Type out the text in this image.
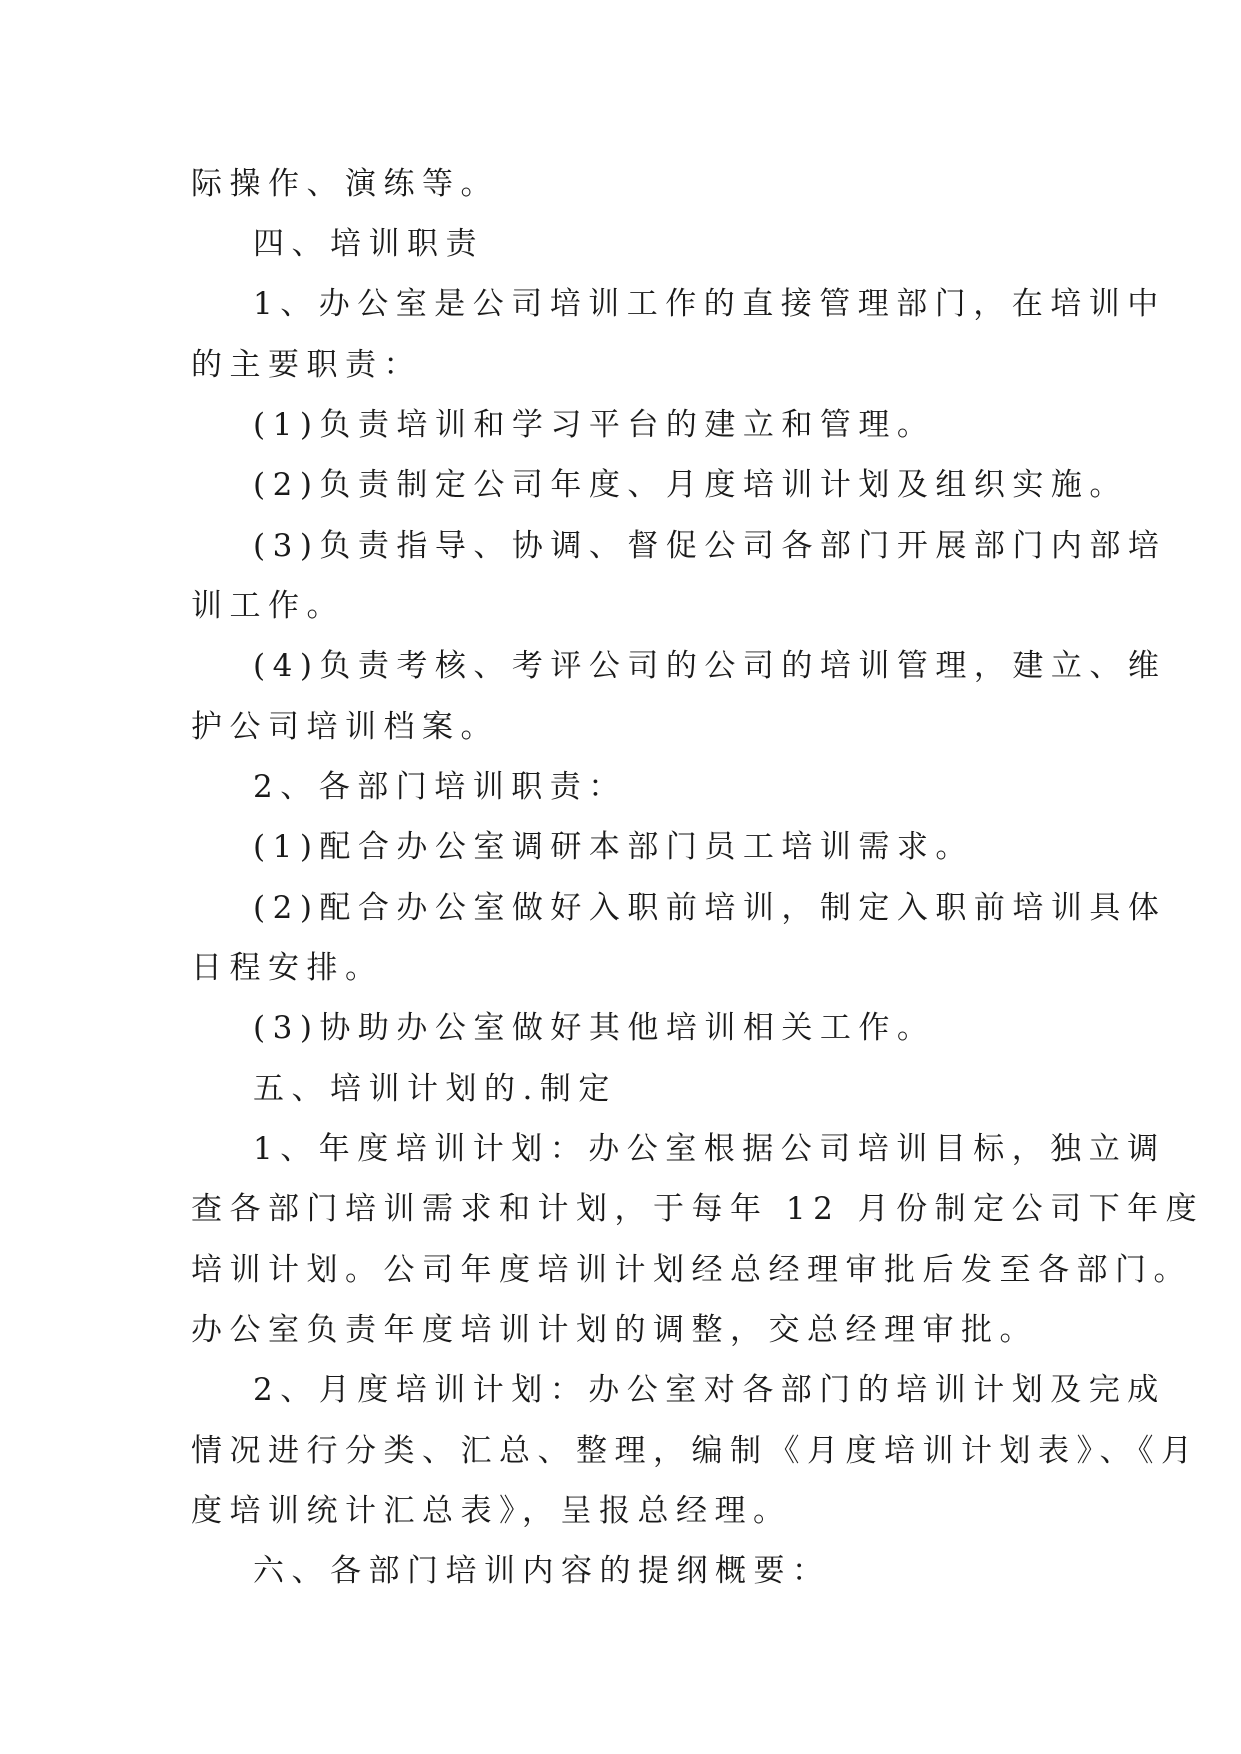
际操作、演练等。
四、培训职责
1、办公室是公司培训工作的直接管理部门，在培训中
的主要职责：
(1)负责培训和学习平台的建立和管理。
(2)负责制定公司年度、月度培训计划及组织实施。
(3)负责指导、协调、督促公司各部门开展部门内部培
训工作。
(4)负责考核、考评公司的公司的培训管理，建立、维
护公司培训档案。
2、各部门培训职责：
(1)配合办公室调研本部门员工培训需求。
(2)配合办公室做好入职前培训，制定入职前培训具体
日程安排。
(3)协助办公室做好其他培训相关工作。
五、培训计划的.制定
1、年度培训计划：办公室根据公司培训目标，独立调
查各部门培训需求和计划，于每年 12 月份制定公司下年度
培训计划。公司年度培训计划经总经理审批后发至各部门。
办公室负责年度培训计划的调整，交总经理审批。
2、月度培训计划：办公室对各部门的培训计划及完成
情况进行分类、汇总、整理，编制《月度培训计划表》、《月
度培训统计汇总表》，呈报总经理。
六、各部门培训内容的提纲概要：
